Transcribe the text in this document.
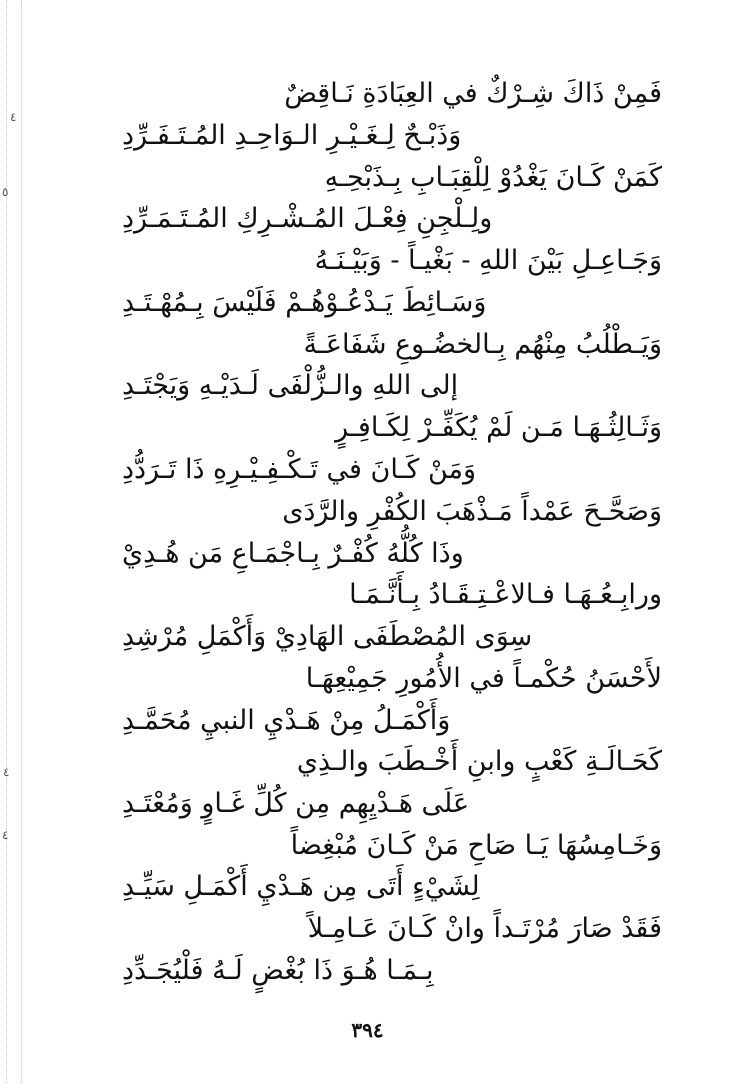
٤
٥
٤
٤
فَمِنْ ذَاكَ شِـرْكٌ في العِبَادَةِ نَـاقِضٌ
وَذَبْـحٌ لِـغَـيْـرِ الـوَاحِـدِ المُـتَـفَـرِّدِ
كَمَنْ كَـانَ يَغْدُوْ لِلْقِبَـابِ بِـذَبْحِـهِ
ولِـلْجِنِ فِعْـلَ المُـشْـرِكِ المُـتَـمَـرِّدِ
وَجَـاعِـلِ بَيْنَ اللهِ - بَغْيـاً - وَبَيْـنَـهُ
وَسَـائِطَ يَـدْعُـوْهُـمْ فَلَيْسَ بِـمُهْـتَـدِ
وَيَـطْلُبُ مِنْهُم بِـالخضُـوعِ شَفَاعَـةً
إلى اللهِ والـزُّلْفَى لَـدَيْـهِ وَيَجْتَـدِ
وَثَـالِثُـهَـا مَـن لَمْ يُكَفِّـرْ لِكَـافِـرٍ
وَمَنْ كَـانَ في تَـكْـفِـيْـرِهِ ذَا تَـرَدُّدِ
وَصَحَّـحَ عَمْداً مَـذْهَبَ الكُفْرِ والرَّدَى
وذَا كُلُّهُ كُفْـرٌ بِـاجْمَـاعِ مَن هُـدِيْ
ورابِـعُـهَـا فـالاعْـتِـقَـادُ بِـأَنَّـمَـا
سِوَى المُصْطَفَى الهَادِيْ وَأَكْمَلِ مُرْشِدِ
لأَحْسَنُ حُكْمـاً في الأُمُورِ جَمِيْعِهَـا
وَأَكْمَـلُ مِنْ هَـدْيِ النبيِ مُحَمَّـدِ
كَحَـالَـةِ كَعْبٍ وابنِ أَخْـطَبَ والـذِي
عَلَى هَـدْيِهِم مِن كُلِّ غَـاوٍ وَمُعْتَـدِ
وَخَـامِسُهَا يَـا صَاحِ مَنْ كَـانَ مُبْغِضاً
لِشَيْءٍ أَتَى مِن هَـدْيِ أَكْمَـلِ سَيِّـدِ
فَقَدْ صَارَ مُرْتَـداً وانْ كَـانَ عَـامِـلاً
بِـمَـا هُـوَ ذَا بُغْضٍ لَـهُ فَلْيُجَـدِّدِ
٣٩٤
